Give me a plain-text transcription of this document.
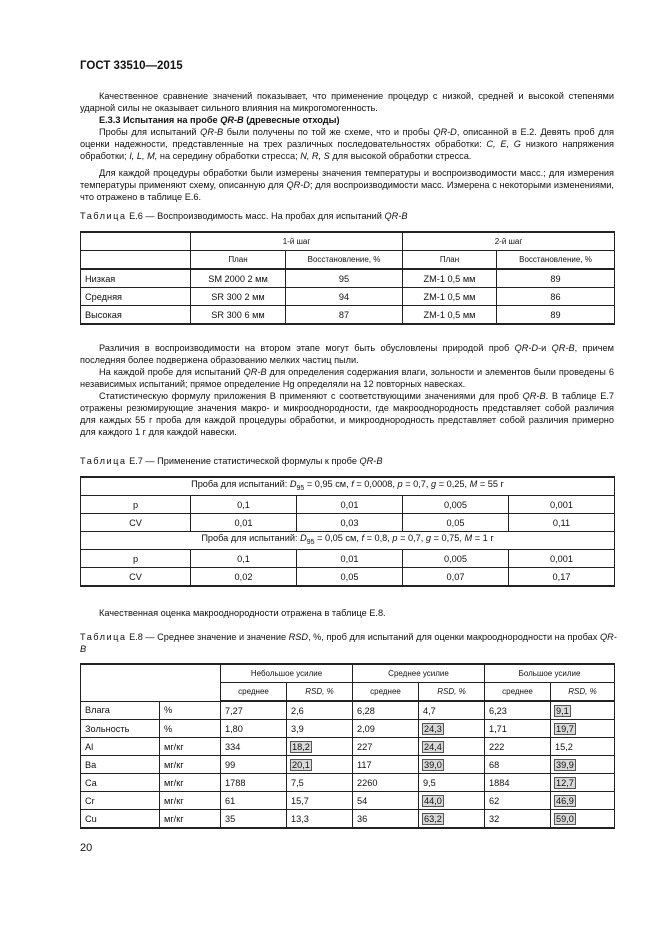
ГОСТ 33510—2015

Качественное сравнение значений показывает, что применение процедур с низкой, средней и высокой степенями ударной силы не оказывает сильного влияния на микрогомогенность.

Е.3.3 Испытания на пробе QR-B (древесные отходы)

Пробы для испытаний QR-B были получены по той же схеме, что и пробы QR-D, описанной в Е.2. Девять проб для оценки надежности, представленные на трех различных последовательностях обработки: C, E, G низкого напряжения обработки; I, L, M, на середину обработки стресса; N, R, S для высокой обработки стресса.

Для каждой процедуры обработки были измерены значения температуры и воспроизводимости масс.; для измерения температуры применяют схему, описанную для QR-D; для воспроизводимости масс. Измерена с некоторыми изменениями, что отражено в таблице Е.6.

Таблица Е.6 — Воспроизводимость масс. На пробах для испытаний QR-B
	1-й шаг		2-й шаг	
	План	Восстановление, %	План	Восстановление, %
Низкая	SM 2000 2 мм	95	ZM-1 0,5 мм	89
Средняя	SR 300 2 мм	94	ZM-1 0,5 мм	86
Высокая	SR 300 6 мм	87	ZM-1 0,5 мм	89

Различия в воспроизводимости на втором этапе могут быть обусловлены природой проб QR-D-и QR-B, причем последняя более подвержена образованию мелких частиц пыли.

На каждой пробе для испытаний QR-B для определения содержания влаги, зольности и элементов были проведены 6 независимых испытаний; прямое определение Hg определяли на 12 повторных навесках.

Статистическую формулу приложения В применяют с соответствующими значениями для проб QR-B. В таблице Е.7 отражены резюмирующие значения макро- и микрооднородности, где макрооднородность представляет собой различия для каждых 55 г проба для каждой процедуры обработки, и микрооднородность представляет собой различия примерно для каждого 1 г для каждой навески.

Таблица Е.7 — Применение статистической формулы к пробе QR-B
Проба для испытаний: $D_{95} = 0,95$ см, f = 0,0008, p = 0,7, g = 0,25, M = 55 г				
p	0,1	0,01	0,005	0,001
CV	0,01	0,03	0,05	0,11
Проба для испытаний: $D_{95} = 0,05$ см, f = 0,8, p = 0,7, g = 0,75, M = 1 г				
p	0,1	0,01	0,005	0,001
CV	0,02	0,05	0,07	0,17

Качественная оценка макрооднородности отражена в таблице Е.8.

Таблица Е.8 — Среднее значение и значение RSD, %, проб для испытаний для оценки макрооднородности на пробах QR-B
		Небольшое усилие		Среднее усилие		Большое усилие	
		среднее	RSD, %	среднее	RSD, %	среднее	RSD, %
Влага	%	7,27	2,6	6,28	4,7	6,23	9,1
Зольность	%	1,80	3,9	2,09	24,3	1,71	19,7
Al	мг/кг	334	18,2	227	24,4	222	15,2
Ba	мг/кг	99	20,1	117	39,0	68	39,9
Ca	мг/кг	1788	7,5	2260	9,5	1884	12,7
Cr	мг/кг	61	15,7	54	44,0	62	46,9
Cu	мг/кг	35	13,3	36	63,2	32	59,0
20
